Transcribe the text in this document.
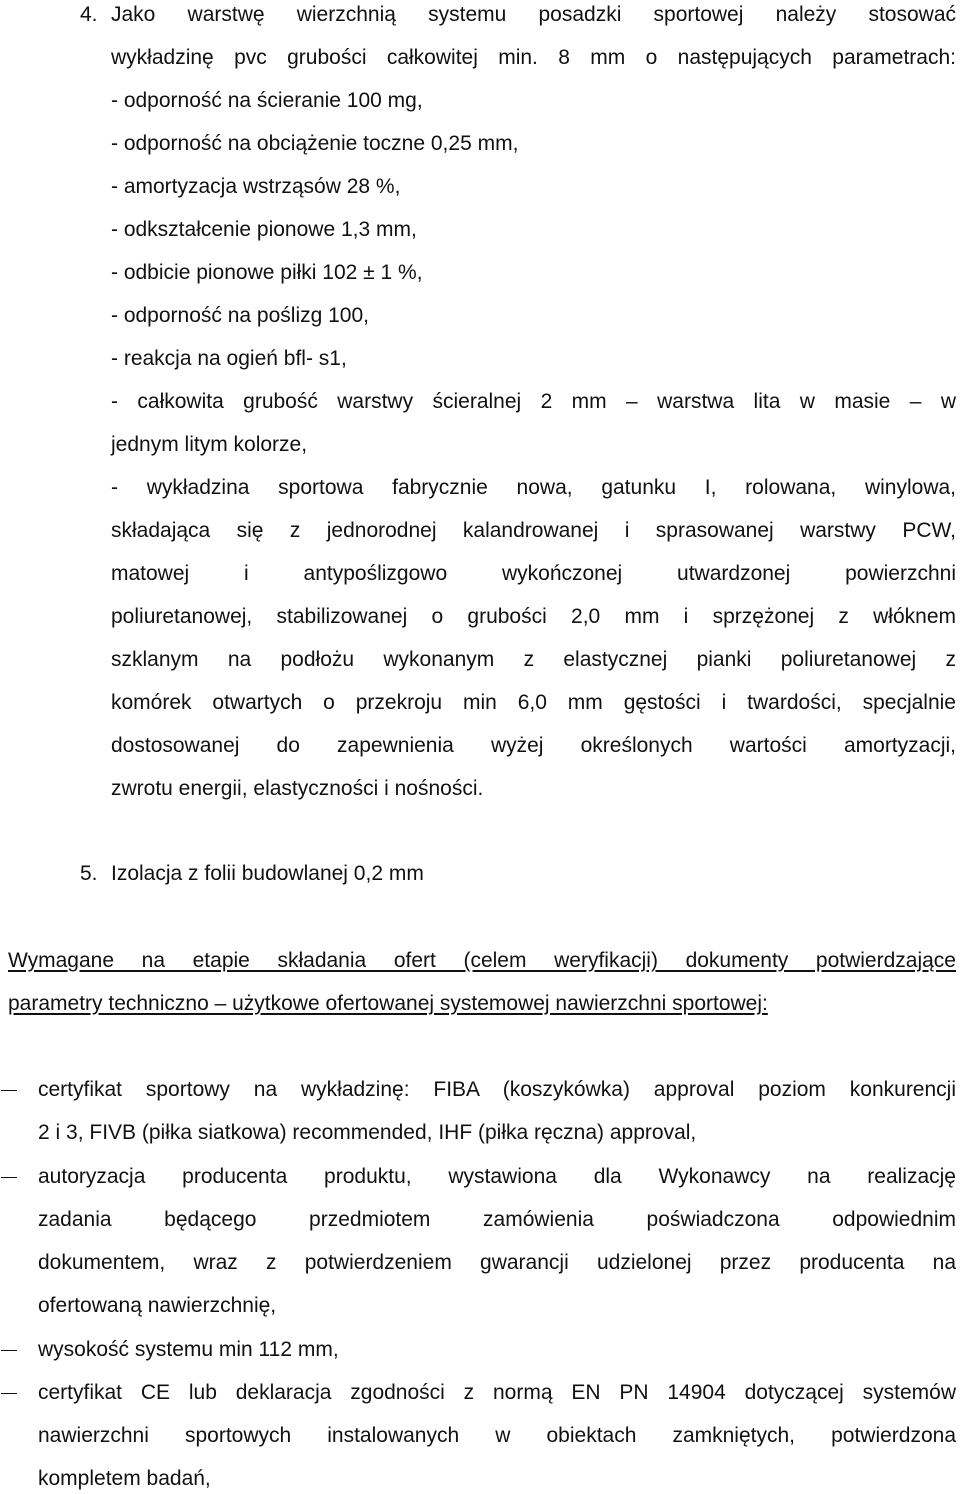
4. Jako warstwę wierzchnią systemu posadzki sportowej należy stosować
wykładzinę pvc grubości całkowitej min. 8 mm o następujących parametrach:
- odporność na ścieranie 100 mg,
- odporność na obciążenie toczne 0,25 mm,
- amortyzacja wstrząsów 28 %,
- odkształcenie pionowe 1,3 mm,
- odbicie pionowe piłki 102 ± 1 %,
- odporność na poślizg 100,
- reakcja na ogień bfl- s1,
- całkowita grubość warstwy ścieralnej 2 mm – warstwa lita w masie – w
jednym litym kolorze,
- wykładzina sportowa fabrycznie nowa, gatunku I, rolowana, winylowa,
składająca się z jednorodnej kalandrowanej i sprasowanej warstwy PCW,
matowej i antypoślizgowo wykończonej utwardzonej powierzchni
poliuretanowej, stabilizowanej o grubości 2,0 mm i sprzężonej z włóknem
szklanym na podłożu wykonanym z elastycznej pianki poliuretanowej z
komórek otwartych o przekroju min 6,0 mm gęstości i twardości, specjalnie
dostosowanej do zapewnienia wyżej określonych wartości amortyzacji,
zwrotu energii, elastyczności i nośności.
5. Izolacja z folii budowlanej 0,2 mm
Wymagane na etapie składania ofert (celem weryfikacji) dokumenty potwierdzające
parametry techniczno – użytkowe ofertowanej systemowej nawierzchni sportowej:
certyfikat sportowy na wykładzinę: FIBA (koszykówka) approval poziom konkurencji
2 i 3, FIVB (piłka siatkowa) recommended, IHF (piłka ręczna) approval,
autoryzacja producenta produktu, wystawiona dla Wykonawcy na realizację
zadania będącego przedmiotem zamówienia poświadczona odpowiednim
dokumentem, wraz z potwierdzeniem gwarancji udzielonej przez producenta na
ofertowaną nawierzchnię,
wysokość systemu min 112 mm,
certyfikat CE lub deklaracja zgodności z normą EN PN 14904 dotyczącej systemów
nawierzchni sportowych instalowanych w obiektach zamkniętych, potwierdzona
kompletem badań,
